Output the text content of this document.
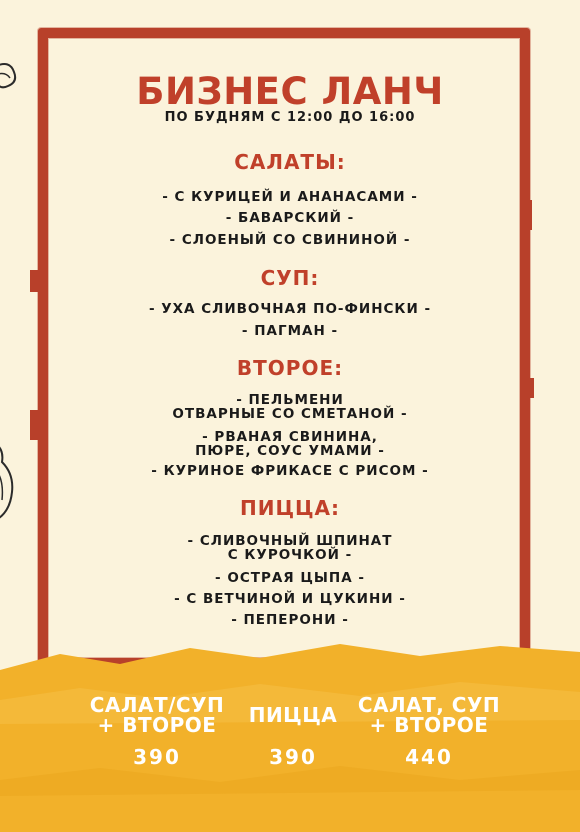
БИЗНЕС ЛАНЧ
ПО БУДНЯМ С 12:00 ДО 16:00
САЛАТЫ:
- С КУРИЦЕЙ И АНАНАСАМИ -
- БАВАРСКИЙ -
- СЛОЕНЫЙ СО СВИНИНОЙ -
СУП:
- УХА СЛИВОЧНАЯ ПО-ФИНСКИ -
- ПАГМАН -
ВТОРОЕ:
- ПЕЛЬМЕНИ
ОТВАРНЫЕ СО СМЕТАНОЙ -
- РВАНАЯ СВИНИНА,
ПЮРЕ, СОУС УМАМИ -
- КУРИНОЕ ФРИКАСЕ С РИСОМ -
ПИЦЦА:
- СЛИВОЧНЫЙ ШПИНАТ
С КУРОЧКОЙ -
- ОСТРАЯ ЦЫПА -
- С ВЕТЧИНОЙ И ЦУКИНИ -
- ПЕПЕРОНИ -
САЛАТ/СУП
+ ВТОРОЕ
390
ПИЦЦА
390
САЛАТ, СУП
+ ВТОРОЕ
440
